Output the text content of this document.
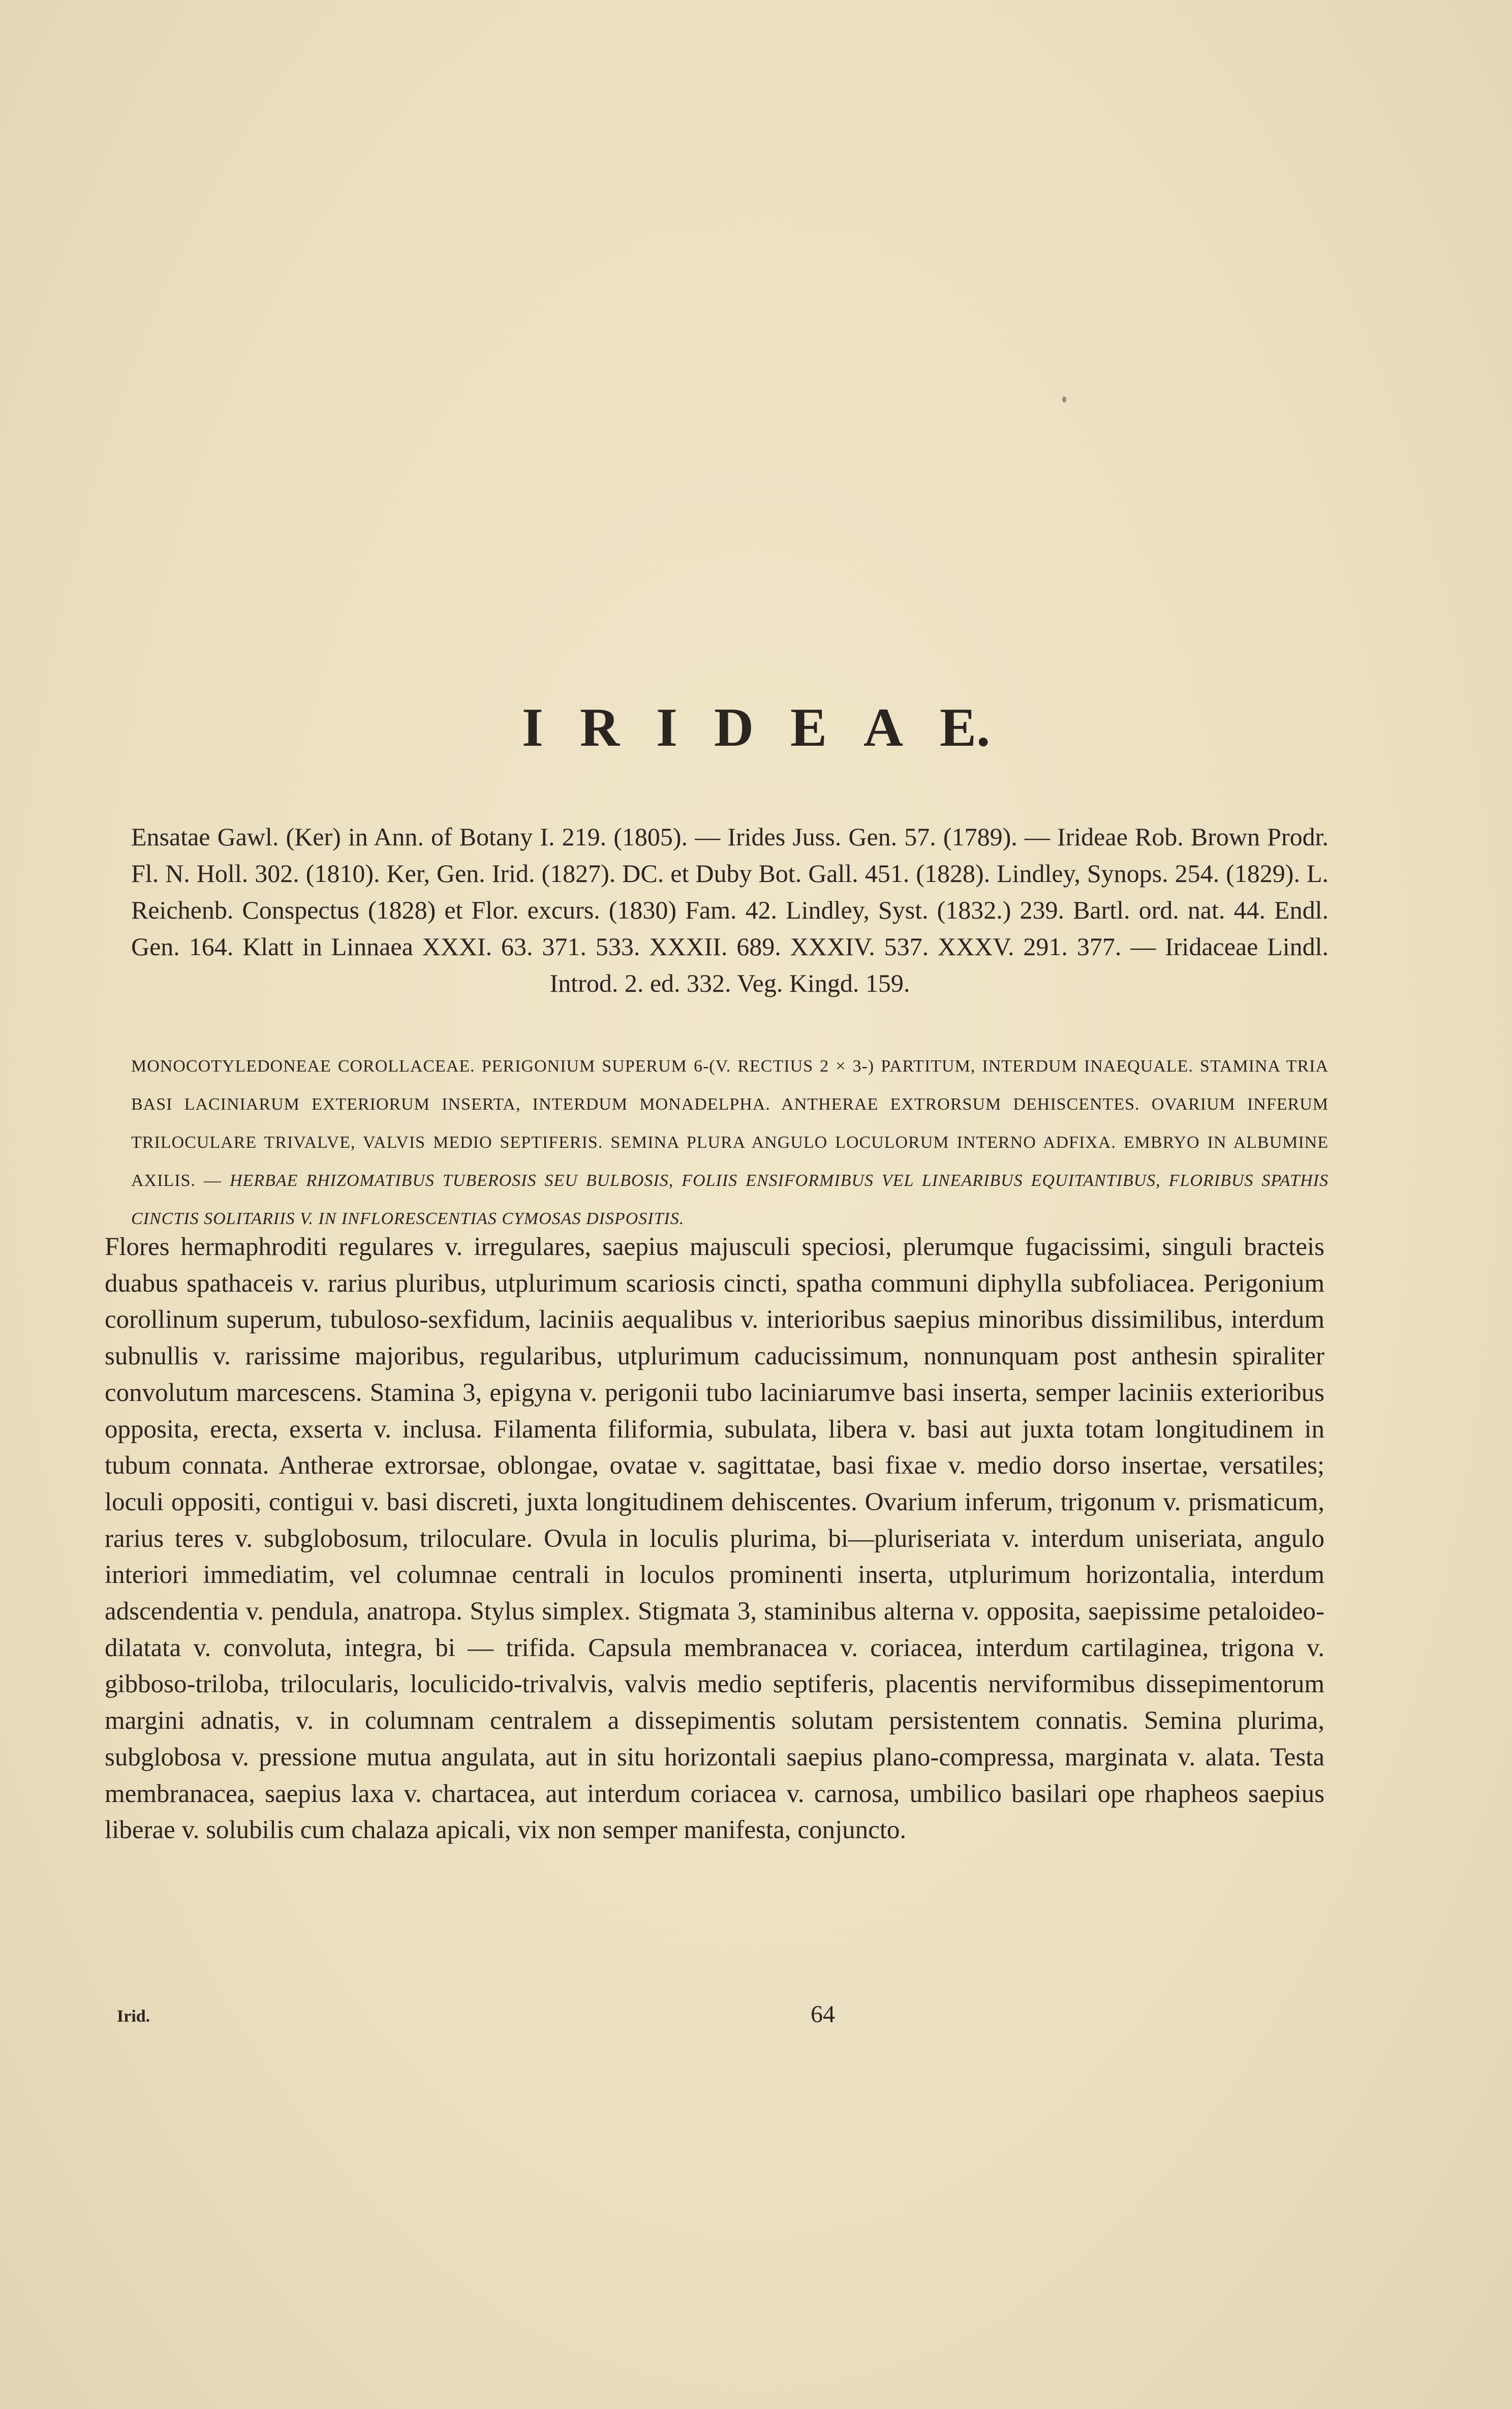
I R I D E A E.
Ensatae Gawl. (Ker) in Ann. of Botany I. 219. (1805). — Irides Juss. Gen. 57. (1789). — Irideae Rob. Brown Prodr. Fl. N. Holl. 302. (1810). Ker, Gen. Irid. (1827). DC. et Duby Bot. Gall. 451. (1828). Lindley, Synops. 254. (1829). L. Reichenb. Conspectus (1828) et Flor. excurs. (1830) Fam. 42. Lindley, Syst. (1832.) 239. Bartl. ord. nat. 44. Endl. Gen. 164. Klatt in Linnaea XXXI. 63. 371. 533. XXXII. 689. XXXIV. 537. XXXV. 291. 377. — Iridaceae Lindl. Introd. 2. ed. 332. Veg. Kingd. 159.
MONOCOTYLEDONEAE COROLLACEAE. PERIGONIUM SUPERUM 6-(V. RECTIUS 2 × 3-) PARTITUM, INTERDUM INAEQUALE. STAMINA TRIA BASI LACINIARUM EXTERIORUM INSERTA, INTERDUM MONADELPHA. ANTHERAE EXTRORSUM DEHISCENTES. OVARIUM INFERUM TRILOCULARE TRIVALVE, VALVIS MEDIO SEPTIFERIS. SEMINA PLURA ANGULO LOCULORUM INTERNO ADFIXA. EMBRYO IN ALBUMINE AXILIS. — HERBAE RHIZOMATIBUS TUBEROSIS SEU BULBOSIS, FOLIIS ENSIFORMIBUS VEL LINEARIBUS EQUITANTIBUS, FLORIBUS SPATHIS CINCTIS SOLITARIIS V. IN INFLORESCENTIAS CYMOSAS DISPOSITIS.
Flores hermaphroditi regulares v. irregulares, saepius majusculi speciosi, plerumque fugacissimi, singuli bracteis duabus spathaceis v. rarius pluribus, utplurimum scariosis cincti, spatha communi diphylla subfoliacea. Perigonium corollinum superum, tubuloso-sexfidum, laciniis aequalibus v. interioribus saepius minoribus dissimilibus, interdum subnullis v. rarissime majoribus, regularibus, utplurimum caducissimum, nonnunquam post anthesin spiraliter convolutum marcescens. Stamina 3, epigyna v. perigonii tubo laciniarumve basi inserta, semper laciniis exterioribus opposita, erecta, exserta v. inclusa. Filamenta filiformia, subulata, libera v. basi aut juxta totam longitudinem in tubum connata. Antherae extrorsae, oblongae, ovatae v. sagittatae, basi fixae v. medio dorso insertae, versatiles; loculi oppositi, contigui v. basi discreti, juxta longitudinem dehiscentes. Ovarium inferum, trigonum v. prismaticum, rarius teres v. subglobosum, triloculare. Ovula in loculis plurima, bi—pluriseriata v. interdum uniseriata, angulo interiori immediatim, vel columnae centrali in loculos prominenti inserta, utplurimum horizontalia, interdum adscendentia v. pendula, anatropa. Stylus simplex. Stigmata 3, staminibus alterna v. opposita, saepissime petaloideo-dilatata v. convoluta, integra, bi — trifida. Capsula membranacea v. coriacea, interdum cartilaginea, trigona v. gibboso-triloba, trilocularis, loculicido-trivalvis, valvis medio septiferis, placentis nerviformibus dissepimentorum margini adnatis, v. in columnam centralem a dissepimentis solutam persistentem connatis. Semina plurima, subglobosa v. pressione mutua angulata, aut in situ horizontali saepius plano-compressa, marginata v. alata. Testa membranacea, saepius laxa v. chartacea, aut interdum coriacea v. carnosa, umbilico basilari ope rhapheos saepius liberae v. solubilis cum chalaza apicali, vix non semper manifesta, conjuncto.
Irid.	64
